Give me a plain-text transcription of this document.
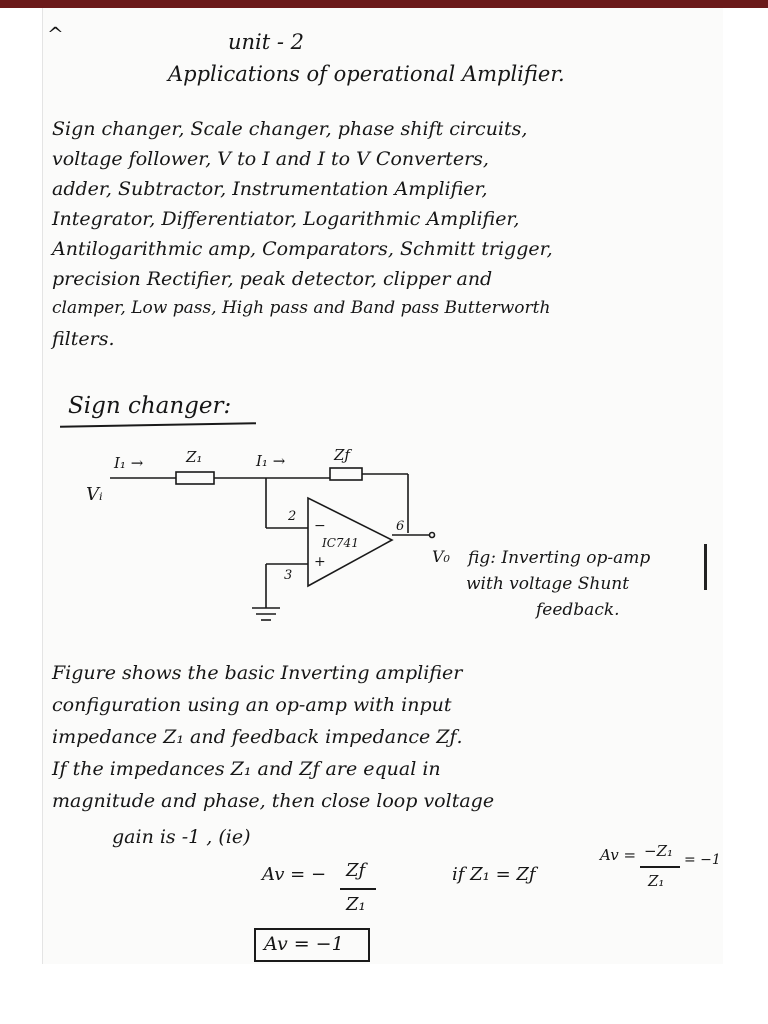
^	unit - 2
Applications of operational Amplifier.
Sign changer, Scale changer, phase shift circuits,
voltage follower, V to I and I to V Converters,
adder, Subtractor, Instrumentation Amplifier,
Integrator, Differentiator, Logarithmic Amplifier,
Antilogarithmic amp, Comparators, Schmitt trigger,
precision Rectifier, peak detector, clipper and
clamper, Low pass, High pass and Band pass Butterworth
filters.
Sign changer:
I₁ →	Z₁	I₁ →	Zƒ
Vᵢ
2
3
6
−
+
IC741
V₀ fig: Inverting op-amp
with voltage Shunt
feedback.
Figure shows the basic Inverting amplifier
configuration using an op-amp with input
impedance Z₁ and feedback impedance Zƒ.
If the impedances Z₁ and Zƒ are equal in
magnitude and phase, then close loop voltage
gain is -1 , (ie)
Av = − Zƒ
Z₁
if Z₁ = Zƒ
Av = −Z₁
Z₁
= −1
Av = −1
